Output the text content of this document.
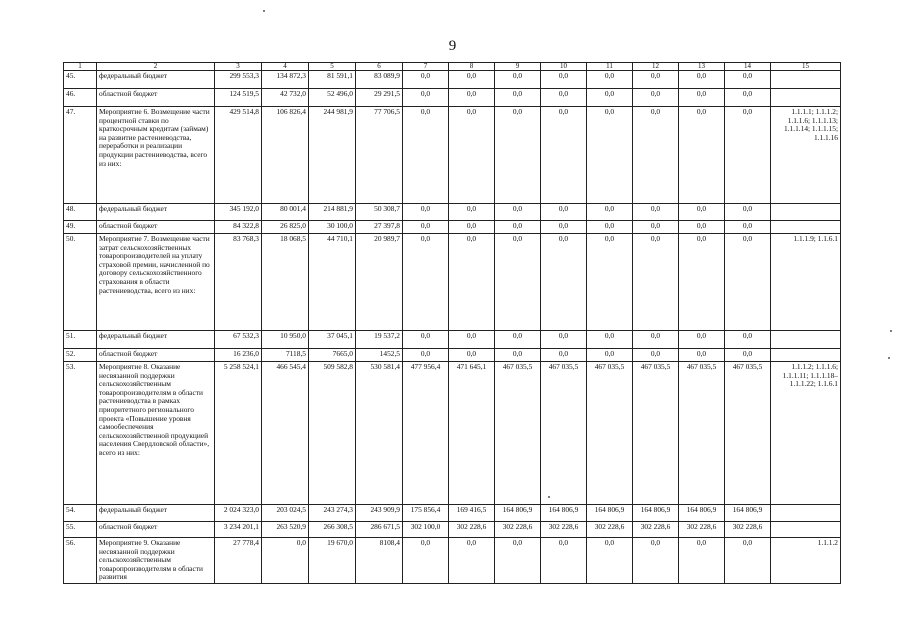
9
1	2	3	4	5	6	7	8	9	10	11	12	13	14	15
45.	федеральный бюджет	299 553,3	134 872,3	81 591,1	83 089,9	0,0	0,0	0,0	0,0	0,0	0,0	0,0	0,0	
46.	областной бюджет	124 519,5	42 732,0	52 496,0	29 291,5	0,0	0,0	0,0	0,0	0,0	0,0	0,0	0,0	
47.	Мероприятие 6. Возмещение части процентной ставки по краткосрочным кредитам (займам) на развитие растениеводства, переработки и реализации продукции растениеводства, всего из них:	429 514,8	106 826,4	244 981,9	77 706,5	0,0	0,0	0,0	0,0	0,0	0,0	0,0	0,0	1.1.1.1; 1.1.1.2; 1.1.1.6; 1.1.1.13; 1.1.1.14; 1.1.1.15; 1.1.1.16
48.	федеральный бюджет	345 192,0	80 001,4	214 881,9	50 308,7	0,0	0,0	0,0	0,0	0,0	0,0	0,0	0,0	
49.	областной бюджет	84 322,8	26 825,0	30 100,0	27 397,8	0,0	0,0	0,0	0,0	0,0	0,0	0,0	0,0	
50.	Мероприятие 7. Возмещение части затрат сельскохозяйственных товаропроизводителей на уплату страховой премии, начисленной по договору сельскохозяйственного страхования в области растениеводства, всего из них:	83 768,3	18 068,5	44 710,1	20 989,7	0,0	0,0	0,0	0,0	0,0	0,0	0,0	0,0	1.1.1.9; 1.1.6.1
51.	федеральный бюджет	67 532,3	10 950,0	37 045,1	19 537,2	0,0	0,0	0,0	0,0	0,0	0,0	0,0	0,0	
52.	областной бюджет	16 236,0	7118,5	7665,0	1452,5	0,0	0,0	0,0	0,0	0,0	0,0	0,0	0,0	
53.	Мероприятие 8. Оказание несвязанной поддержки сельскохозяйственным товаропроизводителям в области растениеводства в рамках приоритетного регионального проекта «Повышение уровня самообеспечения сельскохозяйственной продукцией населения Свердловской области», всего из них:	5 258 524,1	466 545,4	509 582,8	530 581,4	477 956,4	471 645,1	467 035,5	467 035,5	467 035,5	467 035,5	467 035,5	467 035,5	1.1.1.2; 1.1.1.6; 1.1.1.11; 1.1.1.18– 1.1.1.22; 1.1.6.1
54.	федеральный бюджет	2 024 323,0	203 024,5	243 274,3	243 909,9	175 856,4	169 416,5	164 806,9	164 806,9	164 806,9	164 806,9	164 806,9	164 806,9	
55.	областной бюджет	3 234 201,1	263 520,9	266 308,5	286 671,5	302 100,0	302 228,6	302 228,6	302 228,6	302 228,6	302 228,6	302 228,6	302 228,6	
56.	Мероприятие 9. Оказание несвязанной поддержки сельскохозяйственным товаропроизводителям в области развития	27 778,4	0,0	19 670,0	8108,4	0,0	0,0	0,0	0,0	0,0	0,0	0,0	0,0	1.1.1.2
